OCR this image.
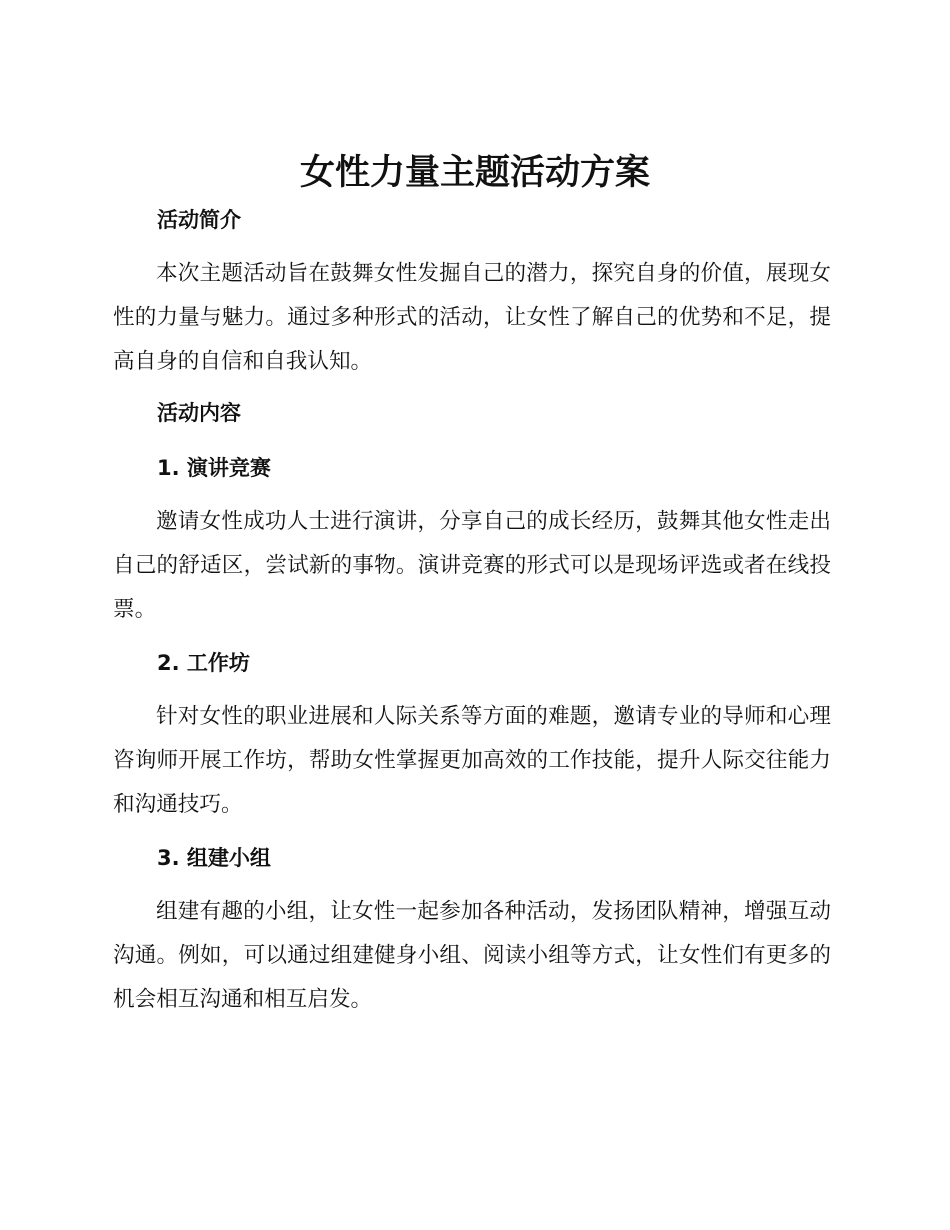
女性力量主题活动方案
活动简介
本次主题活动旨在鼓舞女性发掘自己的潜力，探究自身的价值，展现女性的力量与魅力。通过多种形式的活动，让女性了解自己的优势和不足，提高自身的自信和自我认知。
活动内容
1. 演讲竞赛
邀请女性成功人士进行演讲，分享自己的成长经历，鼓舞其他女性走出自己的舒适区，尝试新的事物。演讲竞赛的形式可以是现场评选或者在线投票。
2. 工作坊
针对女性的职业进展和人际关系等方面的难题，邀请专业的导师和心理咨询师开展工作坊，帮助女性掌握更加高效的工作技能，提升人际交往能力和沟通技巧。
3. 组建小组
组建有趣的小组，让女性一起参加各种活动，发扬团队精神，增强互动沟通。例如，可以通过组建健身小组、阅读小组等方式，让女性们有更多的机会相互沟通和相互启发。
